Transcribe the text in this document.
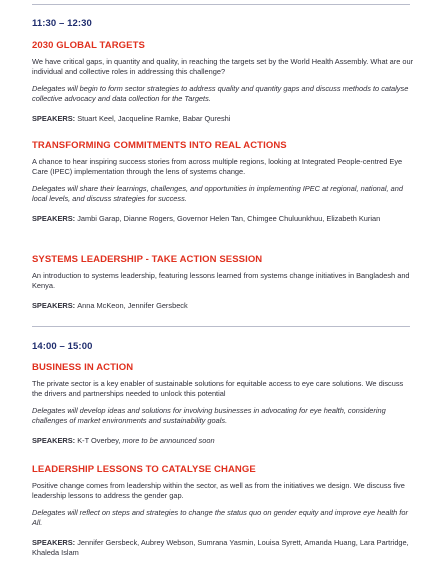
11:30 – 12:30
2030 GLOBAL TARGETS

We have critical gaps, in quantity and quality, in reaching the targets set by the World Health Assembly. What are our individual and collective roles in addressing this challenge?

Delegates will begin to form sector strategies to address quality and quantity gaps and discuss methods to catalyse collective advocacy and data collection for the Targets.

SPEAKERS: Stuart Keel, Jacqueline Ramke, Babar Qureshi

TRANSFORMING COMMITMENTS INTO REAL ACTIONS

A chance to hear inspiring success stories from across multiple regions, looking at Integrated People-centred Eye Care (IPEC) implementation through the lens of systems change.

Delegates will share their learnings, challenges, and opportunities in implementing IPEC at regional, national, and local levels, and discuss strategies for success.

SPEAKERS: Jambi Garap, Dianne Rogers, Governor Helen Tan, Chimgee Chuluunkhuu, Elizabeth Kurian

SYSTEMS LEADERSHIP - TAKE ACTION SESSION

An introduction to systems leadership, featuring lessons learned from systems change initiatives in Bangladesh and Kenya.

SPEAKERS: Anna McKeon, Jennifer Gersbeck

14:00 – 15:00
BUSINESS IN ACTION

The private sector is a key enabler of sustainable solutions for equitable access to eye care solutions. We discuss the drivers and partnerships needed to unlock this potential

Delegates will develop ideas and solutions for involving businesses in advocating for eye health, considering challenges of market environments and sustainability goals.

SPEAKERS: K-T Overbey, more to be announced soon

LEADERSHIP LESSONS TO CATALYSE CHANGE

Positive change comes from leadership within the sector, as well as from the initiatives we design. We discuss five leadership lessons to address the gender gap.

Delegates will reflect on steps and strategies to change the status quo on gender equity and improve eye health for All.

SPEAKERS: Jennifer Gersbeck, Aubrey Webson, Sumrana Yasmin, Louisa Syrett, Amanda Huang, Lara Partridge, Khaleda Islam
